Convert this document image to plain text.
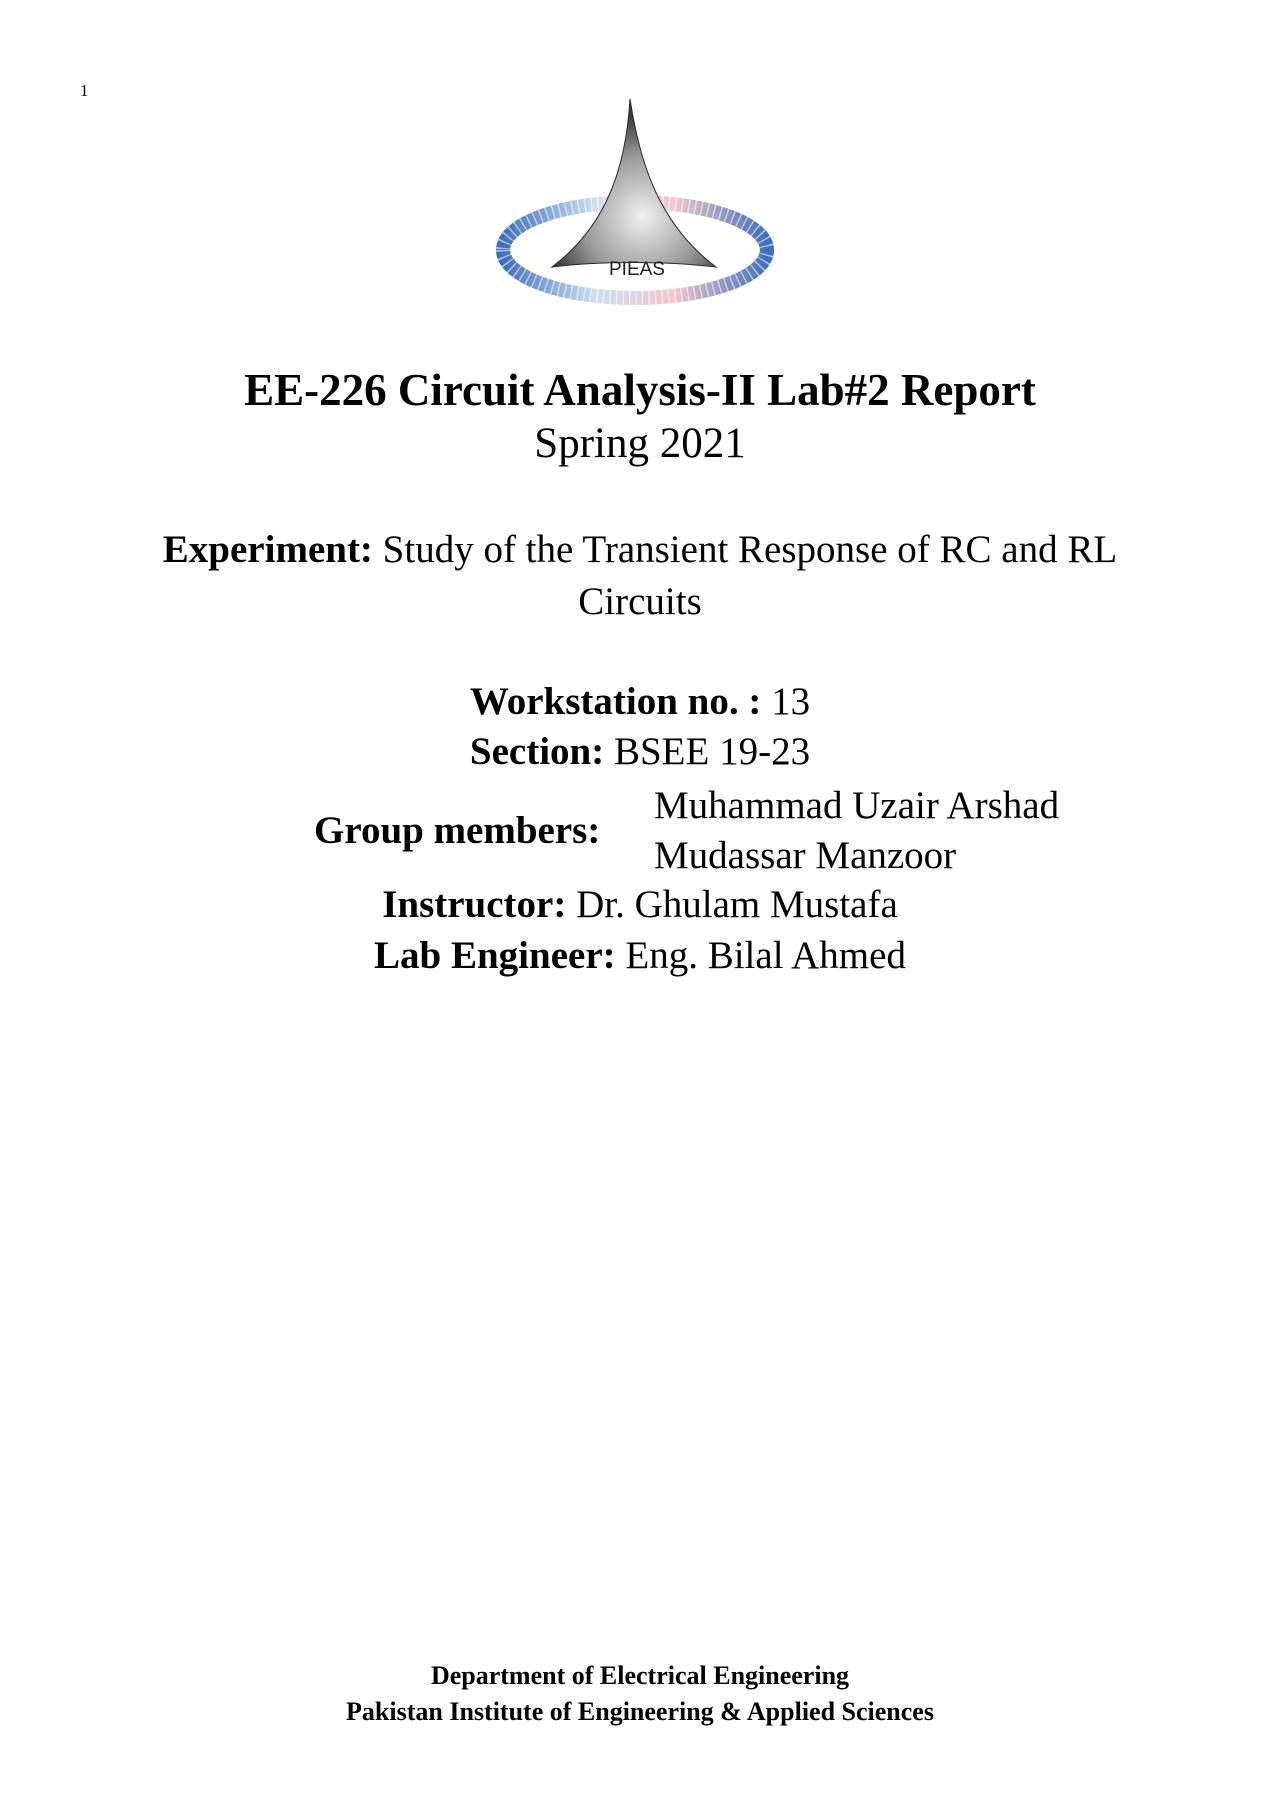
1
PIEAS
EE-226 Circuit Analysis-II Lab#2 Report
Spring 2021
Experiment: Study of the Transient Response of RC and RL Circuits
Workstation no. : 13
Section: BSEE 19-23
Group members:
Muhammad Uzair Arshad
Mudassar Manzoor
Instructor: Dr. Ghulam Mustafa
Lab Engineer: Eng. Bilal Ahmed
Department of Electrical Engineering
Pakistan Institute of Engineering & Applied Sciences
